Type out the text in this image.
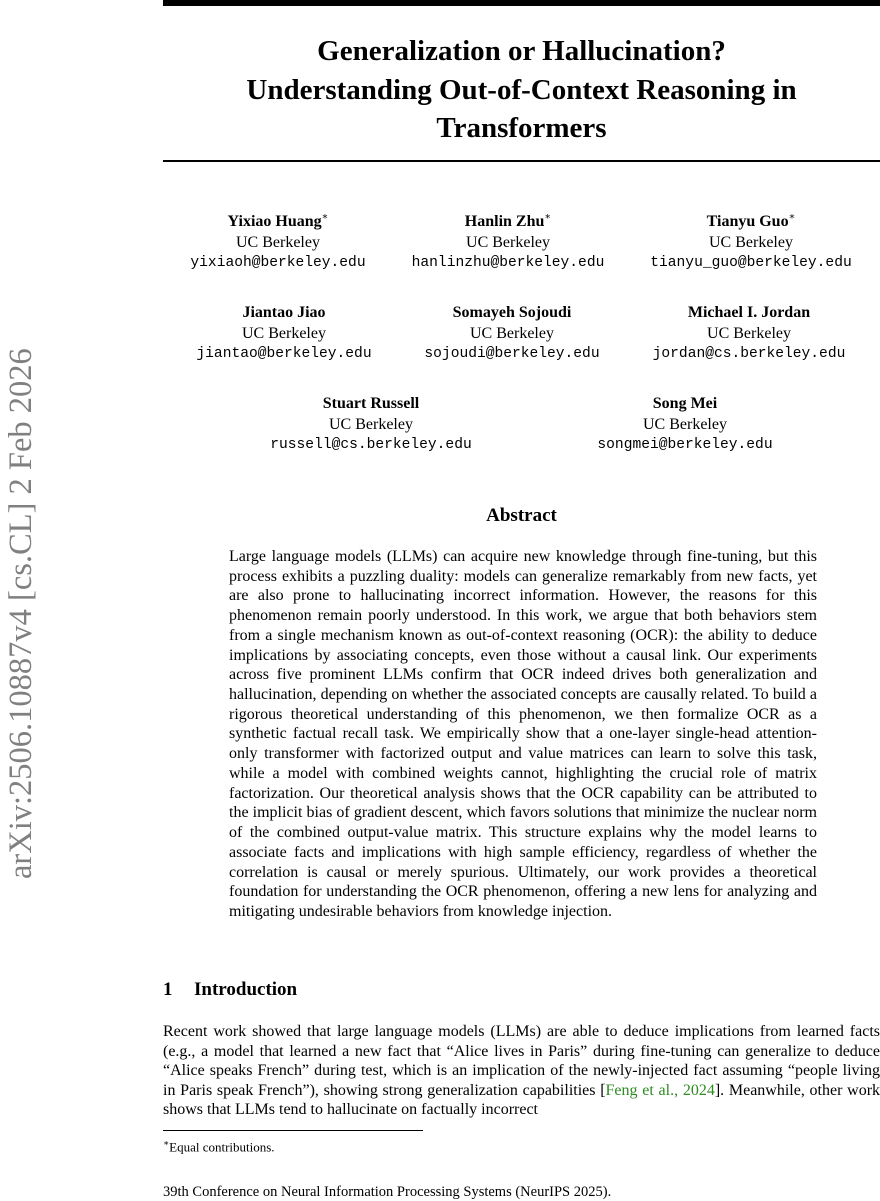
arXiv:2506.10887v4 [cs.CL] 2 Feb 2026
Generalization or Hallucination?
Understanding Out-of-Context Reasoning in
Transformers
Yixiao Huang∗
UC Berkeley
yixiaoh@berkeley.edu
Hanlin Zhu∗
UC Berkeley
hanlinzhu@berkeley.edu
Tianyu Guo∗
UC Berkeley
tianyu_guo@berkeley.edu
Jiantao Jiao
UC Berkeley
jiantao@berkeley.edu
Somayeh Sojoudi
UC Berkeley
sojoudi@berkeley.edu
Michael I. Jordan
UC Berkeley
jordan@cs.berkeley.edu
Stuart Russell
UC Berkeley
russell@cs.berkeley.edu
Song Mei
UC Berkeley
songmei@berkeley.edu
Abstract
Large language models (LLMs) can acquire new knowledge through fine-tuning, but this process exhibits a puzzling duality: models can generalize remarkably from new facts, yet are also prone to hallucinating incorrect information. However, the reasons for this phenomenon remain poorly understood. In this work, we argue that both behaviors stem from a single mechanism known as out-of-context reasoning (OCR): the ability to deduce implications by associating concepts, even those without a causal link. Our experiments across five prominent LLMs confirm that OCR indeed drives both generalization and hallucination, depending on whether the associated concepts are causally related. To build a rigorous theoretical understanding of this phenomenon, we then formalize OCR as a synthetic factual recall task. We empirically show that a one-layer single-head attention-only transformer with factorized output and value matrices can learn to solve this task, while a model with combined weights cannot, highlighting the crucial role of matrix factorization. Our theoretical analysis shows that the OCR capability can be attributed to the implicit bias of gradient descent, which favors solutions that minimize the nuclear norm of the combined output-value matrix. This structure explains why the model learns to associate facts and implications with high sample efficiency, regardless of whether the correlation is causal or merely spurious. Ultimately, our work provides a theoretical foundation for understanding the OCR phenomenon, offering a new lens for analyzing and mitigating undesirable behaviors from knowledge injection.
1 Introduction
Recent work showed that large language models (LLMs) are able to deduce implications from learned facts (e.g., a model that learned a new fact that “Alice lives in Paris” during fine-tuning can generalize to deduce “Alice speaks French” during test, which is an implication of the newly-injected fact assuming “people living in Paris speak French”), showing strong generalization capabilities [Feng et al., 2024]. Meanwhile, other work shows that LLMs tend to hallucinate on factually incorrect
∗Equal contributions.
39th Conference on Neural Information Processing Systems (NeurIPS 2025).
